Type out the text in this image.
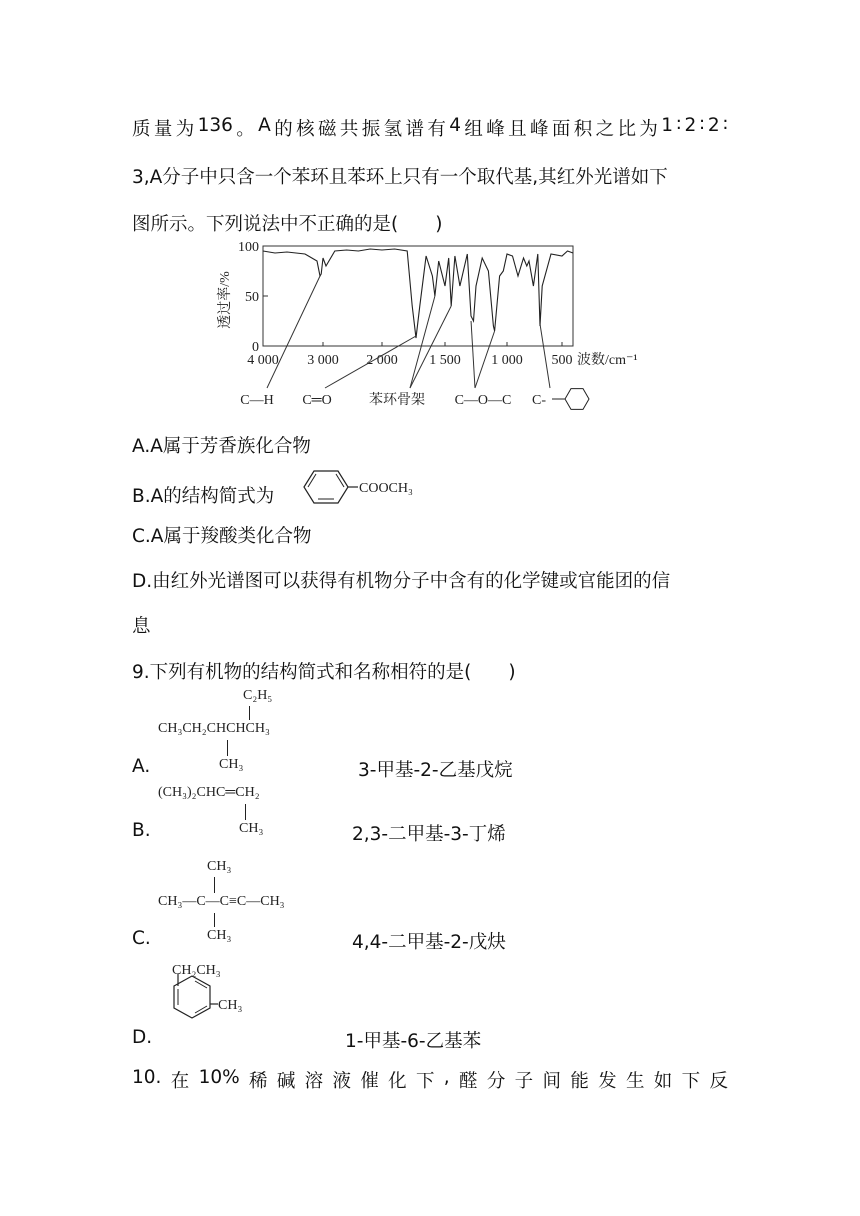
质 量 为 136 。 A 的 核 磁 共 振 氢 谱 有 4 组 峰 且 峰 面 积 之 比 为 1 ∶ 2 ∶ 2 ∶
3,A分子中只含一个苯环且苯环上只有一个取代基,其红外光谱如下
图所示。下列说法中不正确的是(　　)
100
50
0
透过率/%
4 000 3 000 2 000 1 500 1 000 500 波数/cm⁻¹
C—H C═O	苯环骨架 C—O—C C-
A.A属于芳香族化合物
B.A的结构简式为	COOCH₃
C.A属于羧酸类化合物
D.由红外光谱图可以获得有机物分子中含有的化学键或官能团的信
息
9.下列有机物的结构简式和名称相符的是(　　)
C₂H₅
CH₃CH₂CHCHCH₃
CH₃
A.	3-甲基-2-乙基戊烷
(CH₃)₂CHC═CH₂
CH₃
B.	2,3-二甲基-3-丁烯
CH₃
CH₃—C—C≡C—CH₃
CH₃
C.	4,4-二甲基-2-戊炔
CH₂CH₃
CH₃
D.	1-甲基-6-乙基苯
10. 在 10% 稀 碱 溶 液 催 化 下 , 醛 分 子 间 能 发 生 如 下 反
